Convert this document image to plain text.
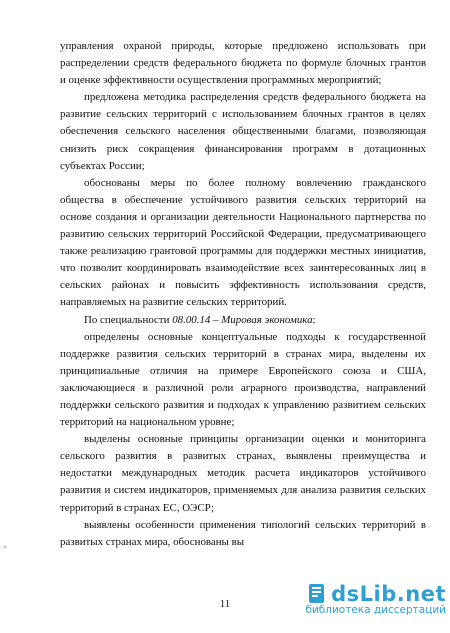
управления охраной природы, которые предложено использовать при
распределении средств федерального бюджета по формуле блочных грантов
и оценке эффективности осуществления программных мероприятий;
предложена методика распределения средств федерального бюджета на
развитие сельских территорий с использованием блочных грантов в целях
обеспечения сельского населения общественными благами, позволяющая
снизить риск сокращения финансирования программ в дотационных
субъектах России;
обоснованы меры по более полному вовлечению гражданского
общества в обеспечение устойчивого развития сельских территорий на
основе создания и организации деятельности Национального партнерства по
развитию сельских территорий Российской Федерации, предусматривающего
также реализацию грантовой программы для поддержки местных инициатив,
что позволит координировать взаимодействие всех заинтересованных лиц в
сельских районах и повысить эффективность использования средств,
направляемых на развитие сельских территорий.
По специальности 08.00.14 – Мировая экономика:
определены основные концептуальные подходы к государственной
поддержке развития сельских территорий в странах мира, выделены их
принципиальные отличия на примере Европейского союза и США,
заключающиеся в различной роли аграрного производства, направлений
поддержки сельского развития и подходах к управлению развитием сельских
территорий на национальном уровне;
выделены основные принципы организации оценки и мониторинга
сельского развития в развитых странах, выявлены преимущества и
недостатки международных методик расчета индикаторов устойчивого
развития и систем индикаторов, применяемых для анализа развития сельских
территорий в странах ЕС, ОЭСР;
выявлены особенности применения типологий сельских территорий в
развитых странах мира, обоснованы вы
»
11	dsLib.net
библиотека диссертаций
